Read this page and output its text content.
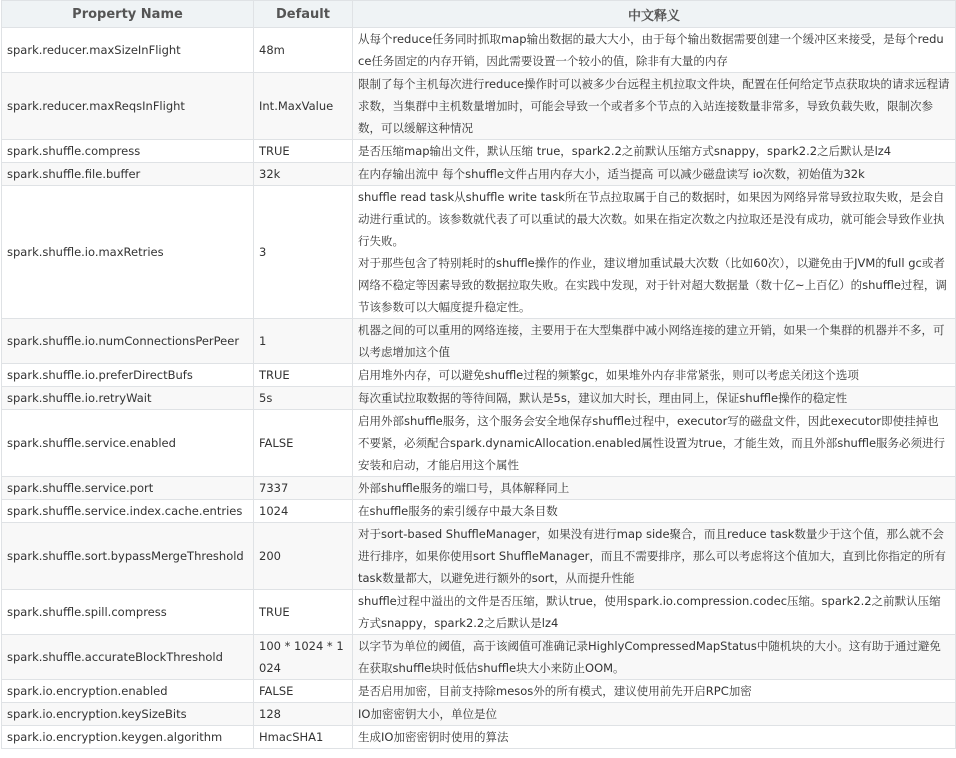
Property Name	Default	中文释义
spark.reducer.maxSizeInFlight	48m	从每个reduce任务同时抓取map输出数据的最大大小，由于每个输出数据需要创建一个缓冲区来接受，是每个reduce任务固定的内存开销，因此需要设置一个较小的值，除非有大量的内存
spark.reducer.maxReqsInFlight	Int.MaxValue	限制了每个主机每次进行reduce操作时可以被多少台远程主机拉取文件块，配置在任何给定节点获取块的请求远程请求数，当集群中主机数量增加时，可能会导致一个或者多个节点的入站连接数量非常多，导致负载失败，限制次参数，可以缓解这种情况
spark.shuffle.compress	TRUE	是否压缩map输出文件，默认压缩 true，spark2.2之前默认压缩方式snappy，spark2.2之后默认是lz4
spark.shuffle.file.buffer	32k	在内存输出流中 每个shuffle文件占用内存大小，适当提高 可以减少磁盘读写 io次数，初始值为32k
spark.shuffle.io.maxRetries	3	shuffle read task从shuffle write task所在节点拉取属于自己的数据时，如果因为网络异常导致拉取失败，是会自动进行重试的。该参数就代表了可以重试的最大次数。如果在指定次数之内拉取还是没有成功，就可能会导致作业执行失败。
对于那些包含了特别耗时的shuffle操作的作业，建议增加重试最大次数（比如60次），以避免由于JVM的full gc或者网络不稳定等因素导致的数据拉取失败。在实践中发现，对于针对超大数据量（数十亿~上百亿）的shuffle过程，调节该参数可以大幅度提升稳定性。
spark.shuffle.io.numConnectionsPerPeer	1	机器之间的可以重用的网络连接，主要用于在大型集群中减小网络连接的建立开销，如果一个集群的机器并不多，可以考虑增加这个值
spark.shuffle.io.preferDirectBufs	TRUE	启用堆外内存，可以避免shuffle过程的频繁gc，如果堆外内存非常紧张，则可以考虑关闭这个选项
spark.shuffle.io.retryWait	5s	每次重试拉取数据的等待间隔，默认是5s，建议加大时长，理由同上，保证shuffle操作的稳定性
spark.shuffle.service.enabled	FALSE	启用外部shuffle服务，这个服务会安全地保存shuffle过程中，executor写的磁盘文件，因此executor即使挂掉也不要紧，必须配合spark.dynamicAllocation.enabled属性设置为true，才能生效，而且外部shuffle服务必须进行安装和启动，才能启用这个属性
spark.shuffle.service.port	7337	外部shuffle服务的端口号，具体解释同上
spark.shuffle.service.index.cache.entries	1024	在shuffle服务的索引缓存中最大条目数
spark.shuffle.sort.bypassMergeThreshold	200	对于sort-based ShuffleManager，如果没有进行map side聚合，而且reduce task数量少于这个值，那么就不会进行排序，如果你使用sort ShuffleManager，而且不需要排序，那么可以考虑将这个值加大，直到比你指定的所有task数量都大，以避免进行额外的sort，从而提升性能
spark.shuffle.spill.compress	TRUE	shuffle过程中溢出的文件是否压缩，默认true，使用spark.io.compression.codec压缩。spark2.2之前默认压缩方式snappy，spark2.2之后默认是lz4
spark.shuffle.accurateBlockThreshold	100 * 1024 * 1024	以字节为单位的阈值，高于该阈值可准确记录HighlyCompressedMapStatus中随机块的大小。这有助于通过避免在获取shuffle块时低估shuffle块大小来防止OOM。
spark.io.encryption.enabled	FALSE	是否启用加密，目前支持除mesos外的所有模式，建议使用前先开启RPC加密
spark.io.encryption.keySizeBits	128	IO加密密钥大小，单位是位
spark.io.encryption.keygen.algorithm	HmacSHA1	生成IO加密密钥时使用的算法
